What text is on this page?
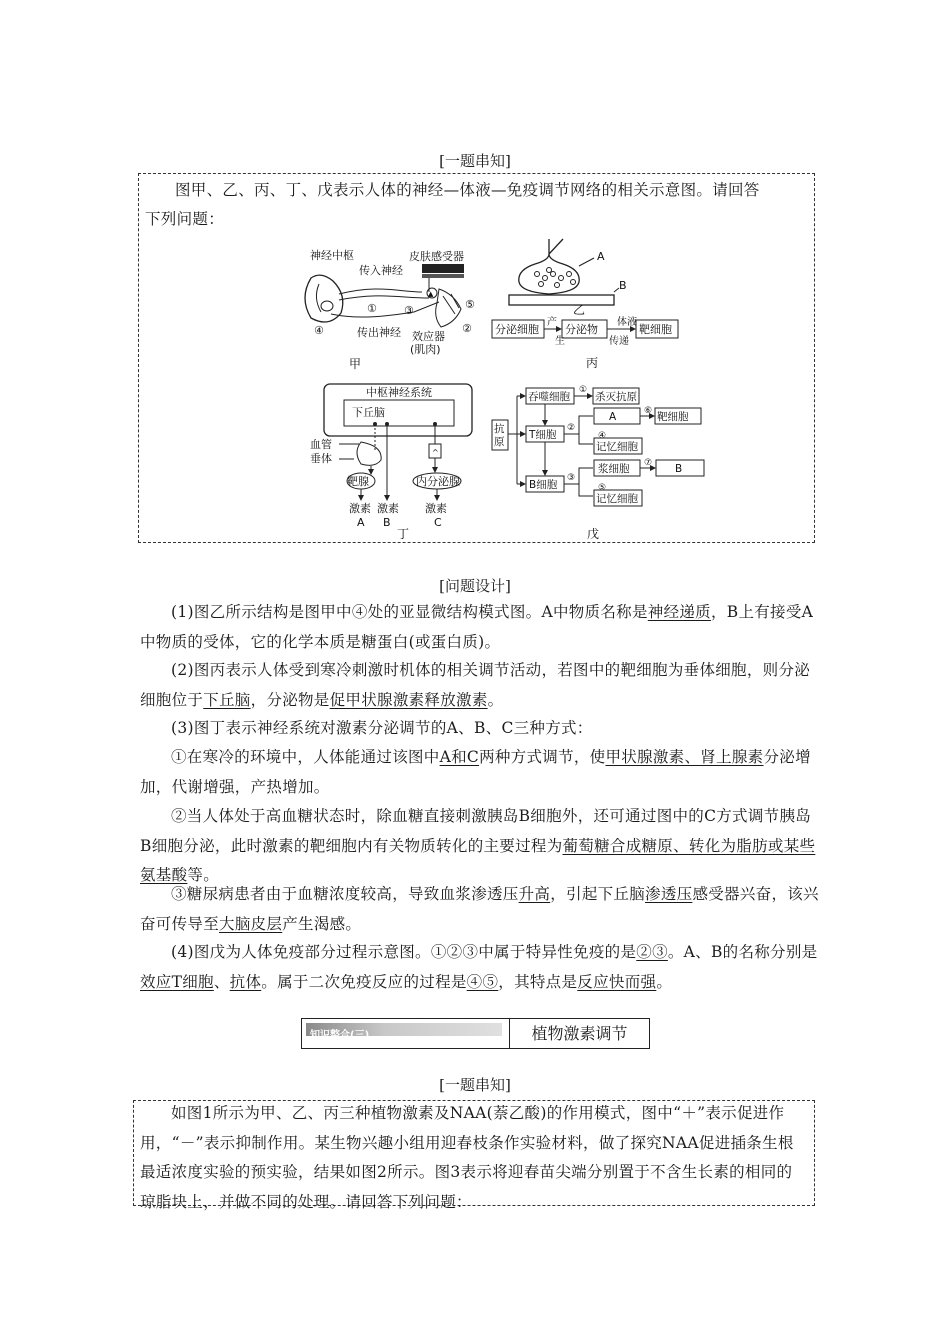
[一题串知]
图甲、乙、丙、丁、戊表示人体的神经—体液—免疫调节网络的相关示意图。请回答
下列问题：
神经中枢
传入神经
皮肤感受器
▲
① ③	⑤
②
④	传出神经 效应器
(肌肉)
甲
A
B
乙
分泌细胞
产
生
分泌物
体液
传递
靶细胞
丙
中枢神经系统
下丘脑
血管
垂体
靶腺
^
内分泌腺
激素 激素 激素
A B	C
丁
抗
原
吞噬细胞
①
杀灭抗原
T细胞
②
A	⑥ 靶细胞
④
记忆细胞
B细胞
③
浆细胞 ⑦ B
⑤
记忆细胞
戊
[问题设计]

(1)图乙所示结构是图甲中④处的亚显微结构模式图。A中物质名称是神经递质，B上有接受A中物质的受体，它的化学本质是糖蛋白(或蛋白质)。

(2)图丙表示人体受到寒冷刺激时机体的相关调节活动，若图中的靶细胞为垂体细胞，则分泌细胞位于下丘脑，分泌物是促甲状腺激素释放激素。

(3)图丁表示神经系统对激素分泌调节的A、B、C三种方式：

①在寒冷的环境中，人体能通过该图中A和C两种方式调节，使甲状腺激素、肾上腺素分泌增加，代谢增强，产热增加。

②当人体处于高血糖状态时，除血糖直接刺激胰岛B细胞外，还可通过图中的C方式调节胰岛B细胞分泌，此时激素的靶细胞内有关物质转化的主要过程为葡萄糖合成糖原、转化为脂肪或某些氨基酸等。

③糖尿病患者由于血糖浓度较高，导致血浆渗透压升高，引起下丘脑渗透压感受器兴奋，该兴奋可传导至大脑皮层产生渴感。

(4)图戊为人体免疫部分过程示意图。①②③中属于特异性免疫的是②③。A、B的名称分别是效应T细胞、抗体。属于二次免疫反应的过程是④⑤，其特点是反应快而强。

知识整合(三)	植物激素调节
[一题串知]

如图1所示为甲、乙、丙三种植物激素及NAA(萘乙酸)的作用模式，图中“＋”表示促进作用，“－”表示抑制作用。某生物兴趣小组用迎春枝条作实验材料，做了探究NAA促进插条生根最适浓度实验的预实验，结果如图2所示。图3表示将迎春苗尖端分别置于不含生长素的相同的琼脂块上，并做不同的处理。请回答下列问题：
